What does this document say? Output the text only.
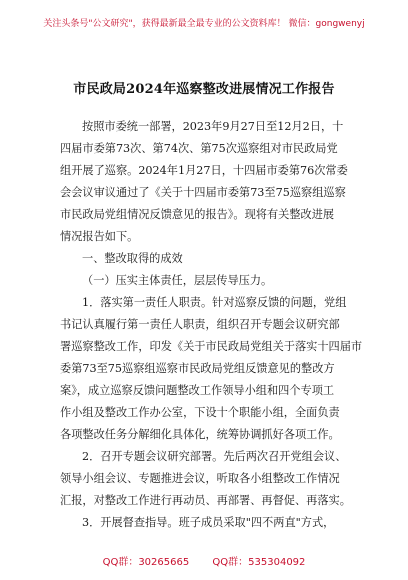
关注头条号"公文研究"，获得最新最全最专业的公文资料库！ 微信：gongwenyj
市民政局2024年巡察整改进展情况工作报告
按照市委统一部署，2023年9月27日至12月2日，十
四届市委第73次、第74次、第75次巡察组对市民政局党
组开展了巡察。2024年1月27日，十四届市委第76次常委
会会议审议通过了《关于十四届市委第73至75巡察组巡察
市民政局党组情况反馈意见的报告》。现将有关整改进展
情况报告如下。
一、整改取得的成效
（一）压实主体责任，层层传导压力。
1．落实第一责任人职责。针对巡察反馈的问题，党组
书记认真履行第一责任人职责，组织召开专题会议研究部
署巡察整改工作，印发《关于市民政局党组关于落实十四届市
委第73至75巡察组巡察市民政局党组反馈意见的整改方
案》，成立巡察反馈问题整改工作领导小组和四个专项工
作小组及整改工作办公室，下设十个职能小组，全面负责
各项整改任务分解细化具体化，统筹协调抓好各项工作。
2．召开专题会议研究部署。先后两次召开党组会议、
领导小组会议、专题推进会议，听取各小组整改工作情况
汇报，对整改工作进行再动员、再部署、再督促、再落实。
3．开展督查指导。班子成员采取"四不两直"方式，
QQ群：30265665 QQ群：535304092
